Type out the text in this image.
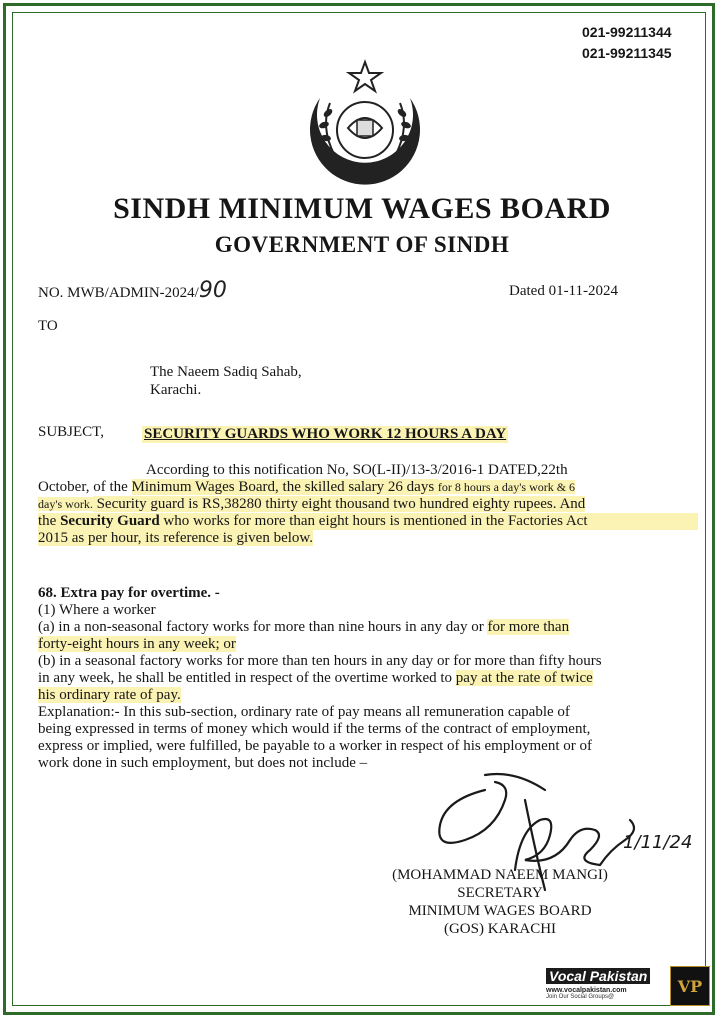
021-99211344
021-99211345
حکومت سندھ
SINDH MINIMUM WAGES BOARD
GOVERNMENT OF SINDH
NO. MWB/ADMIN-2024/90	Dated 01-11-2024
TO
The Naeem Sadiq Sahab,
Karachi.
SUBJECT,	SECURITY GUARDS WHO WORK 12 HOURS A DAY
According to this notification No, SO(L-II)/13-3/2016-1 DATED,22th
October, of the Minimum Wages Board, the skilled salary 26 days for 8 hours a day's work & 6
day's work. Security guard is RS,38280 thirty eight thousand two hundred eighty rupees. And
the Security Guard who works for more than eight hours is mentioned in the Factories Act
2015 as per hour, its reference is given below.
68. Extra pay for overtime. -
(1) Where a worker
(a) in a non-seasonal factory works for more than nine hours in any day or for more than
forty-eight hours in any week; or
(b) in a seasonal factory works for more than ten hours in any day or for more than fifty hours
in any week, he shall be entitled in respect of the overtime worked to pay at the rate of twice
his ordinary rate of pay.
Explanation:- In this sub-section, ordinary rate of pay means all remuneration capable of
being expressed in terms of money which would if the terms of the contract of employment,
express or implied, were fulfilled, be payable to a worker in respect of his employment or of
work done in such employment, but does not include –
1/11/24
(MOHAMMAD NAEEM MANGI)
SECRETARY
MINIMUM WAGES BOARD
(GOS) KARACHI
Vocal Pakistan
www.vocalpakistan.com
Join Our Social Groups@
VP
